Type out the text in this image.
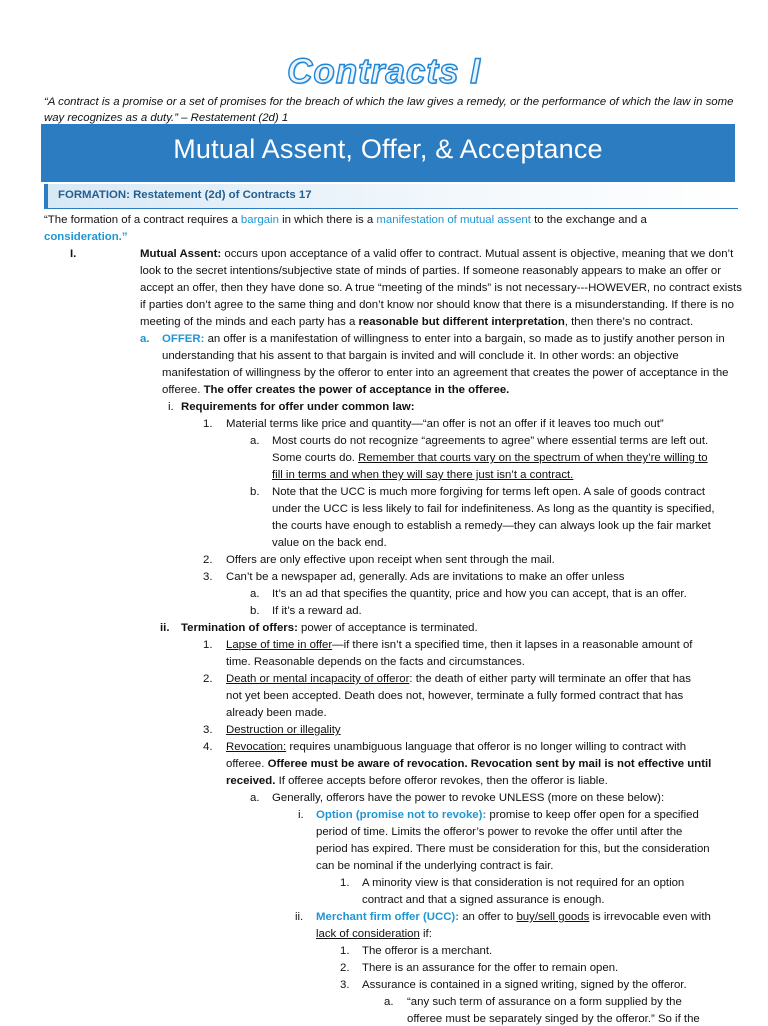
Contracts I
“A contract is a promise or a set of promises for the breach of which the law gives a remedy, or the performance of which the law in some way recognizes as a duty.” – Restatement (2d) 1
Mutual Assent, Offer, & Acceptance
FORMATION: Restatement (2d) of Contracts 17
“The formation of a contract requires a bargain in which there is a manifestation of mutual assent to the exchange and a
consideration.”
I.	Mutual Assent: occurs upon acceptance of a valid offer to contract. Mutual assent is objective, meaning that we don’t
look to the secret intentions/subjective state of minds of parties. If someone reasonably appears to make an offer or
accept an offer, then they have done so. A true “meeting of the minds” is not necessary---HOWEVER, no contract exists
if parties don’t agree to the same thing and don’t know nor should know that there is a misunderstanding. If there is no
meeting of the minds and each party has a reasonable but different interpretation, then there’s no contract.
a. OFFER: an offer is a manifestation of willingness to enter into a bargain, so made as to justify another person in
understanding that his assent to that bargain is invited and will conclude it. In other words: an objective
manifestation of willingness by the offeror to enter into an agreement that creates the power of acceptance in the
offeree. The offer creates the power of acceptance in the offeree.
i. Requirements for offer under common law:
1. Material terms like price and quantity—“an offer is not an offer if it leaves too much out”
a. Most courts do not recognize “agreements to agree” where essential terms are left out.
Some courts do. Remember that courts vary on the spectrum of when they’re willing to
fill in terms and when they will say there just isn’t a contract.
b. Note that the UCC is much more forgiving for terms left open. A sale of goods contract
under the UCC is less likely to fail for indefiniteness. As long as the quantity is specified,
the courts have enough to establish a remedy—they can always look up the fair market
value on the back end.
2. Offers are only effective upon receipt when sent through the mail.
3. Can’t be a newspaper ad, generally. Ads are invitations to make an offer unless
a. It’s an ad that specifies the quantity, price and how you can accept, that is an offer.
b. If it’s a reward ad.
ii. Termination of offers: power of acceptance is terminated.
1. Lapse of time in offer—if there isn’t a specified time, then it lapses in a reasonable amount of
time. Reasonable depends on the facts and circumstances.
2. Death or mental incapacity of offeror: the death of either party will terminate an offer that has
not yet been accepted. Death does not, however, terminate a fully formed contract that has
already been made.
3. Destruction or illegality
4. Revocation: requires unambiguous language that offeror is no longer willing to contract with
offeree. Offeree must be aware of revocation. Revocation sent by mail is not effective until
received. If offeree accepts before offeror revokes, then the offeror is liable.
a. Generally, offerors have the power to revoke UNLESS (more on these below):
i. Option (promise not to revoke): promise to keep offer open for a specified
period of time. Limits the offeror’s power to revoke the offer until after the
period has expired. There must be consideration for this, but the consideration
can be nominal if the underlying contract is fair.
1. A minority view is that consideration is not required for an option
contract and that a signed assurance is enough.
ii. Merchant firm offer (UCC): an offer to buy/sell goods is irrevocable even with
lack of consideration if:
1. The offeror is a merchant.
2. There is an assurance for the offer to remain open.
3. Assurance is contained in a signed writing, signed by the offeror.
a. “any such term of assurance on a form supplied by the
offeree must be separately singed by the offeror.” So if the
